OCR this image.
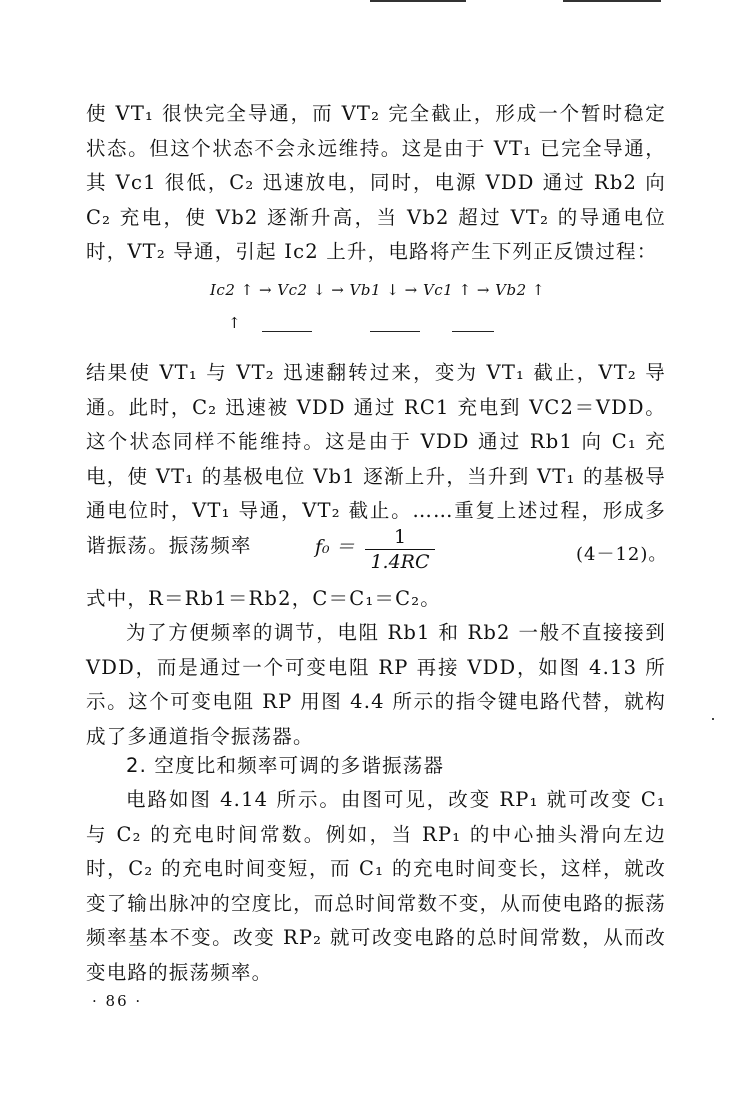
使 VT₁ 很快完全导通，而 VT₂ 完全截止，形成一个暂时稳定状态。但这个状态不会永远维持。这是由于 VT₁ 已完全导通，其 Vc1 很低，C₂ 迅速放电，同时，电源 VDD 通过 Rb2 向 C₂ 充电，使 Vb2 逐渐升高，当 Vb2 超过 VT₂ 的导通电位时，VT₂ 导通，引起 Ic2 上升，电路将产生下列正反馈过程：

Ic2 ↑ → Vc2 ↓ → Vb1 ↓ → Vc1 ↑ → Vb2 ↑
↑

结果使 VT₁ 与 VT₂ 迅速翻转过来，变为 VT₁ 截止，VT₂ 导通。此时，C₂ 迅速被 VDD 通过 RC1 充电到 VC2＝VDD。这个状态同样不能维持。这是由于 VDD 通过 Rb1 向 C₁ 充电，使 VT₁ 的基极电位 Vb1 逐渐上升，当升到 VT₁ 的基极导通电位时，VT₁ 导通，VT₂ 截止。……重复上述过程，形成多谐振荡。振荡频率	f₀ ＝	1
1.4RC	(4－12)。

式中，R＝Rb1＝Rb2，C＝C₁＝C₂。

为了方便频率的调节，电阻 Rb1 和 Rb2 一般不直接接到 VDD，而是通过一个可变电阻 RP 再接 VDD，如图 4.13 所示。这个可变电阻 RP 用图 4.4 所示的指令键电路代替，就构成了多通道指令振荡器。

2. 空度比和频率可调的多谐振荡器

电路如图 4.14 所示。由图可见，改变 RP₁ 就可改变 C₁ 与 C₂ 的充电时间常数。例如，当 RP₁ 的中心抽头滑向左边时，C₂ 的充电时间变短，而 C₁ 的充电时间变长，这样，就改变了输出脉冲的空度比，而总时间常数不变，从而使电路的振荡频率基本不变。改变 RP₂ 就可改变电路的总时间常数，从而改变电路的振荡频率。

· 86 ·
